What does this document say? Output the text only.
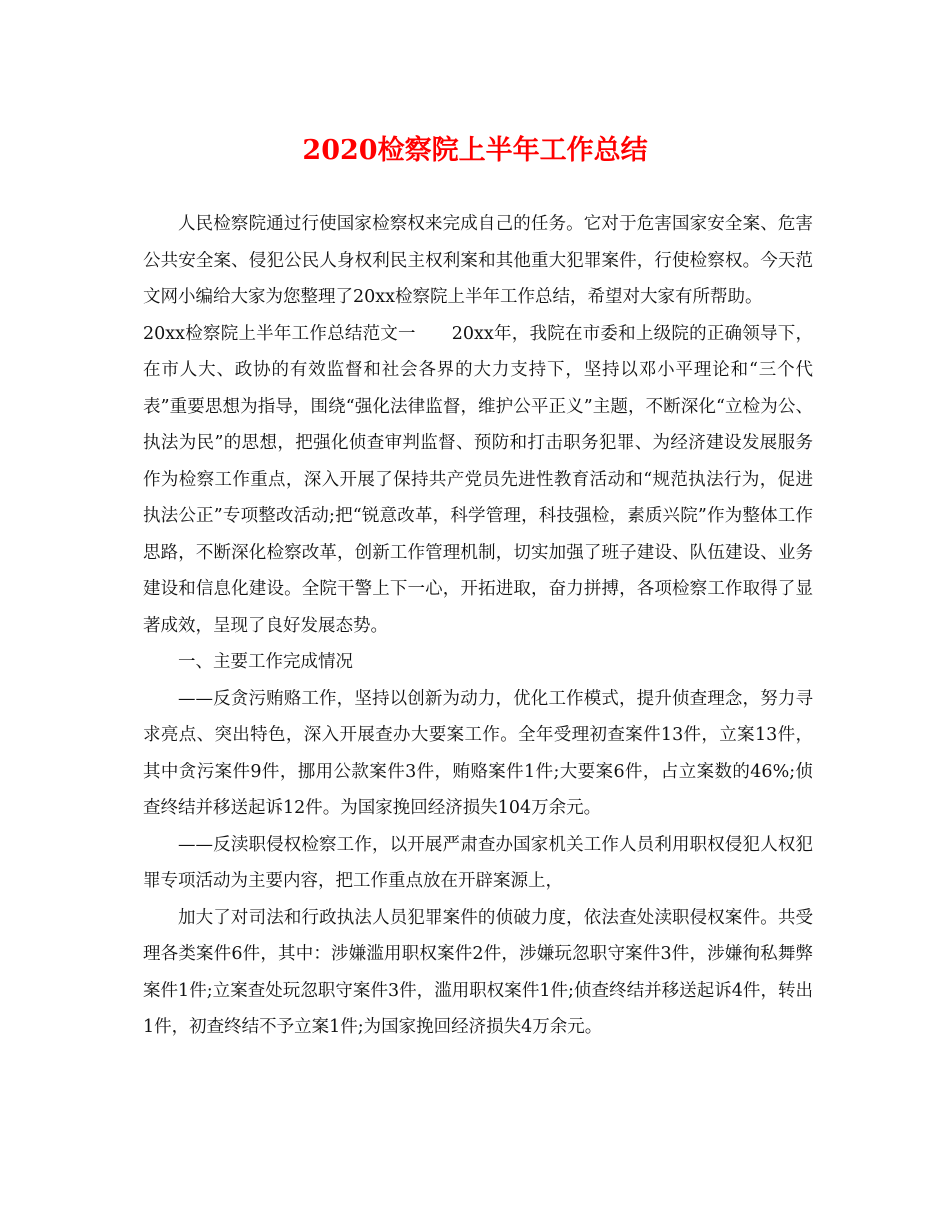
2020检察院上半年工作总结

人民检察院通过行使国家检察权来完成自己的任务。它对于危害国家安全案、危害公共安全案、侵犯公民人身权利民主权利案和其他重大犯罪案件，行使检察权。今天范文网小编给大家为您整理了20xx检察院上半年工作总结，希望对大家有所帮助。

20xx检察院上半年工作总结范文一 20xx年，我院在市委和上级院的正确领导下，在市人大、政协的有效监督和社会各界的大力支持下，坚持以邓小平理论和“三个代表”重要思想为指导，围绕“强化法律监督，维护公平正义”主题，不断深化“立检为公、执法为民”的思想，把强化侦查审判监督、预防和打击职务犯罪、为经济建设发展服务作为检察工作重点，深入开展了保持共产党员先进性教育活动和“规范执法行为，促进执法公正”专项整改活动;把“锐意改革，科学管理，科技强检，素质兴院”作为整体工作思路，不断深化检察改革，创新工作管理机制，切实加强了班子建设、队伍建设、业务建设和信息化建设。全院干警上下一心，开拓进取，奋力拼搏，各项检察工作取得了显著成效，呈现了良好发展态势。

一、主要工作完成情况

——反贪污贿赂工作，坚持以创新为动力，优化工作模式，提升侦查理念，努力寻求亮点、突出特色，深入开展查办大要案工作。全年受理初查案件13件，立案13件，其中贪污案件9件，挪用公款案件3件，贿赂案件1件;大要案6件，占立案数的46%;侦查终结并移送起诉12件。为国家挽回经济损失104万余元。

——反渎职侵权检察工作，以开展严肃查办国家机关工作人员利用职权侵犯人权犯罪专项活动为主要内容，把工作重点放在开辟案源上，

加大了对司法和行政执法人员犯罪案件的侦破力度，依法查处渎职侵权案件。共受理各类案件6件，其中：涉嫌滥用职权案件2件，涉嫌玩忽职守案件3件，涉嫌徇私舞弊案件1件;立案查处玩忽职守案件3件，滥用职权案件1件;侦查终结并移送起诉4件，转出1件，初查终结不予立案1件;为国家挽回经济损失4万余元。
